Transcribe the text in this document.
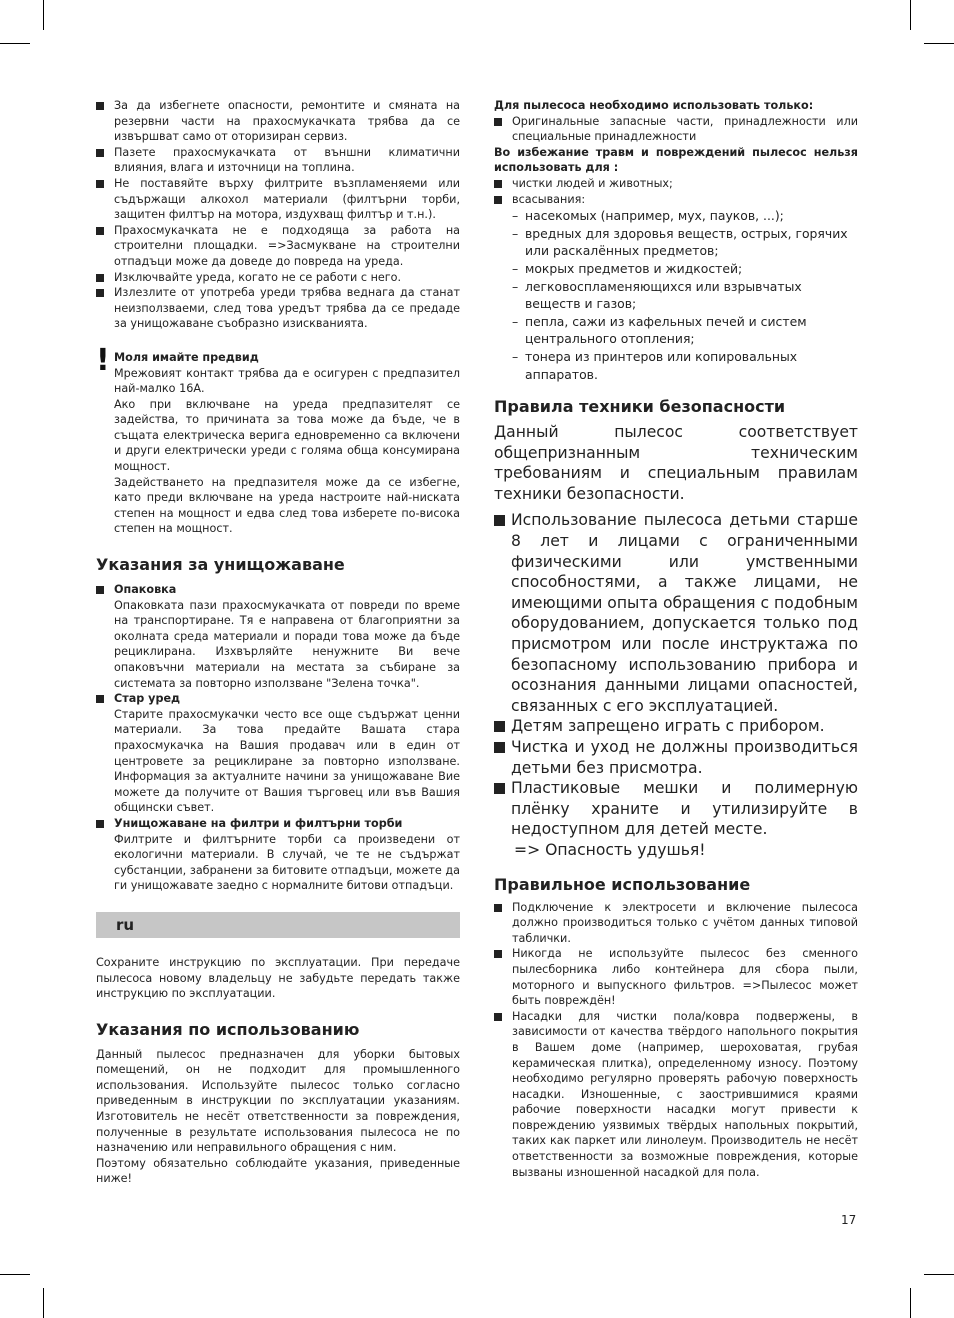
За да избегнете опасности, ремонтите и смяната на резервни части на прахосмукачката трябва да се извършват само от оторизиран сервиз.
Пазете прахосмукачката от външни климатични влияния, влага и източници на топлина.
Не поставяйте върху филтрите възпламеняеми или съдържащи алкохол материали (филтърни торби, защитен филтър на мотора, издухващ филтър и т.н.).
Прахосмукачката не е подходяща за работа на строителни площадки. =>Засмукване на строителни отпадъци може да доведе до повреда на уреда.
Изключвайте уреда, когато не се работи с него.
Излезлите от употреба уреди трябва веднага да станат неизползваеми, след това уредът трябва да се предаде за унищожаване съобразно изискванията.
! Моля имайте предвид
Мрежовият контакт трябва да е осигурен с предпазител най-малко 16А.
Ако при включване на уреда предпазителят се задейства, то причината за това може да бъде, че в същата електрическа верига едновременно са включени и други електрически уреди с голяма обща консумирана мощност.
Задействането на предпазителя може да се избегне, като преди включване на уреда настроите най-ниската степен на мощност и едва след това изберете по-висока степен на мощност.
Указания за унищожаване
Опаковка
Опаковката пази прахосмукачката от повреди по време на транспортиране. Тя е направена от благоприятни за околната среда материали и поради това може да бъде рециклирана. Изхвърляйте ненужните Ви вече опаковъчни материали на местата за събиране за системата за повторно използване "Зелена точка".
Стар уред
Старите прахосмукачки често все още съдържат ценни материали. За това предайте Вашата стара прахосмукачка на Вашия продавач или в един от центровете за рециклиране за повторно използване. Информация за актуалните начини за унищожаване Вие можете да получите от Вашия търговец или във Вашия общински съвет.
Унищожаване на филтри и филтърни торби
Филтрите и филтърните торби са произведени от екологични материали. В случай, че те не съдържат субстанции, забранени за битовите отпадъци, можете да ги унищожавате заедно с нормалните битови отпадъци.
ru
Сохраните инструкцию по эксплуатации. При передаче пылесоса новому владельцу не забудьте передать также инструкцию по эксплуатации.
Указания по использованию
Данный пылесос предназначен для уборки бытовых помещений, он не подходит для промышленного использования. Используйте пылесос только согласно приведенным в инструкции по эксплуатации указаниям. Изготовитель не несёт ответственности за повреждения, полученные в результате использования пылесоса не по назначению или неправильного обращения с ним.
Поэтому обязательно соблюдайте указания, приведенные ниже!
Для пылесоса необходимо использовать только:
Оригинальные запасные части, принадлежности или специальные принадлежности
Во избежание травм и повреждений пылесос нельзя использовать для :
чистки людей и животных;
всасывания:
– насекомых (например, мух, пауков, ...);
– вредных для здоровья веществ, острых, горячих или раскалённых предметов;
– мокрых предметов и жидкостей;
– легковоспламеняющихся или взрывчатых веществ и газов;
– пепла, сажи из кафельных печей и систем центрального отопления;
– тонера из принтеров или копировальных аппаратов.
Правила техники безопасности
Данный пылесос соответствует общепризнанным техническим требованиям и специальным правилам техники безопасности.
Использование пылесоса детьми старше 8 лет и лицами с ограниченными физическими или умственными способностями, а также лицами, не имеющими опыта обращения с подобным оборудованием, допускается только под присмотром или после инструктажа по безопасному использованию прибора и осознания данными лицами опасностей, связанных с его эксплуатацией.
Детям запрещено играть с прибором.
Чистка и уход не должны производиться детьми без присмотра.
Пластиковые мешки и полимерную плёнку храните и утилизируйте в недоступном для детей месте.
=> Опасность удушья!
Правильное использование
Подключение к электросети и включение пылесоса должно производиться только с учётом данных типовой таблички.
Никогда не используйте пылесос без сменного пылесборника либо контейнера для сбора пыли, моторного и выпускного фильтров. =>Пылесос может быть повреждён!
Насадки для чистки пола/ковра подвержены, в зависимости от качества твёрдого напольного покрытия в Вашем доме (например, шероховатая, грубая керамическая плитка), определенному износу. Поэтому необходимо регулярно проверять рабочую поверхность насадки. Изношенные, с заострившимися краями рабочие поверхности насадки могут привести к повреждению уязвимых твёрдых напольных покрытий, таких как паркет или линолеум. Производитель не несёт ответственности за возможные повреждения, которые вызваны изношенной насадкой для пола.
17
